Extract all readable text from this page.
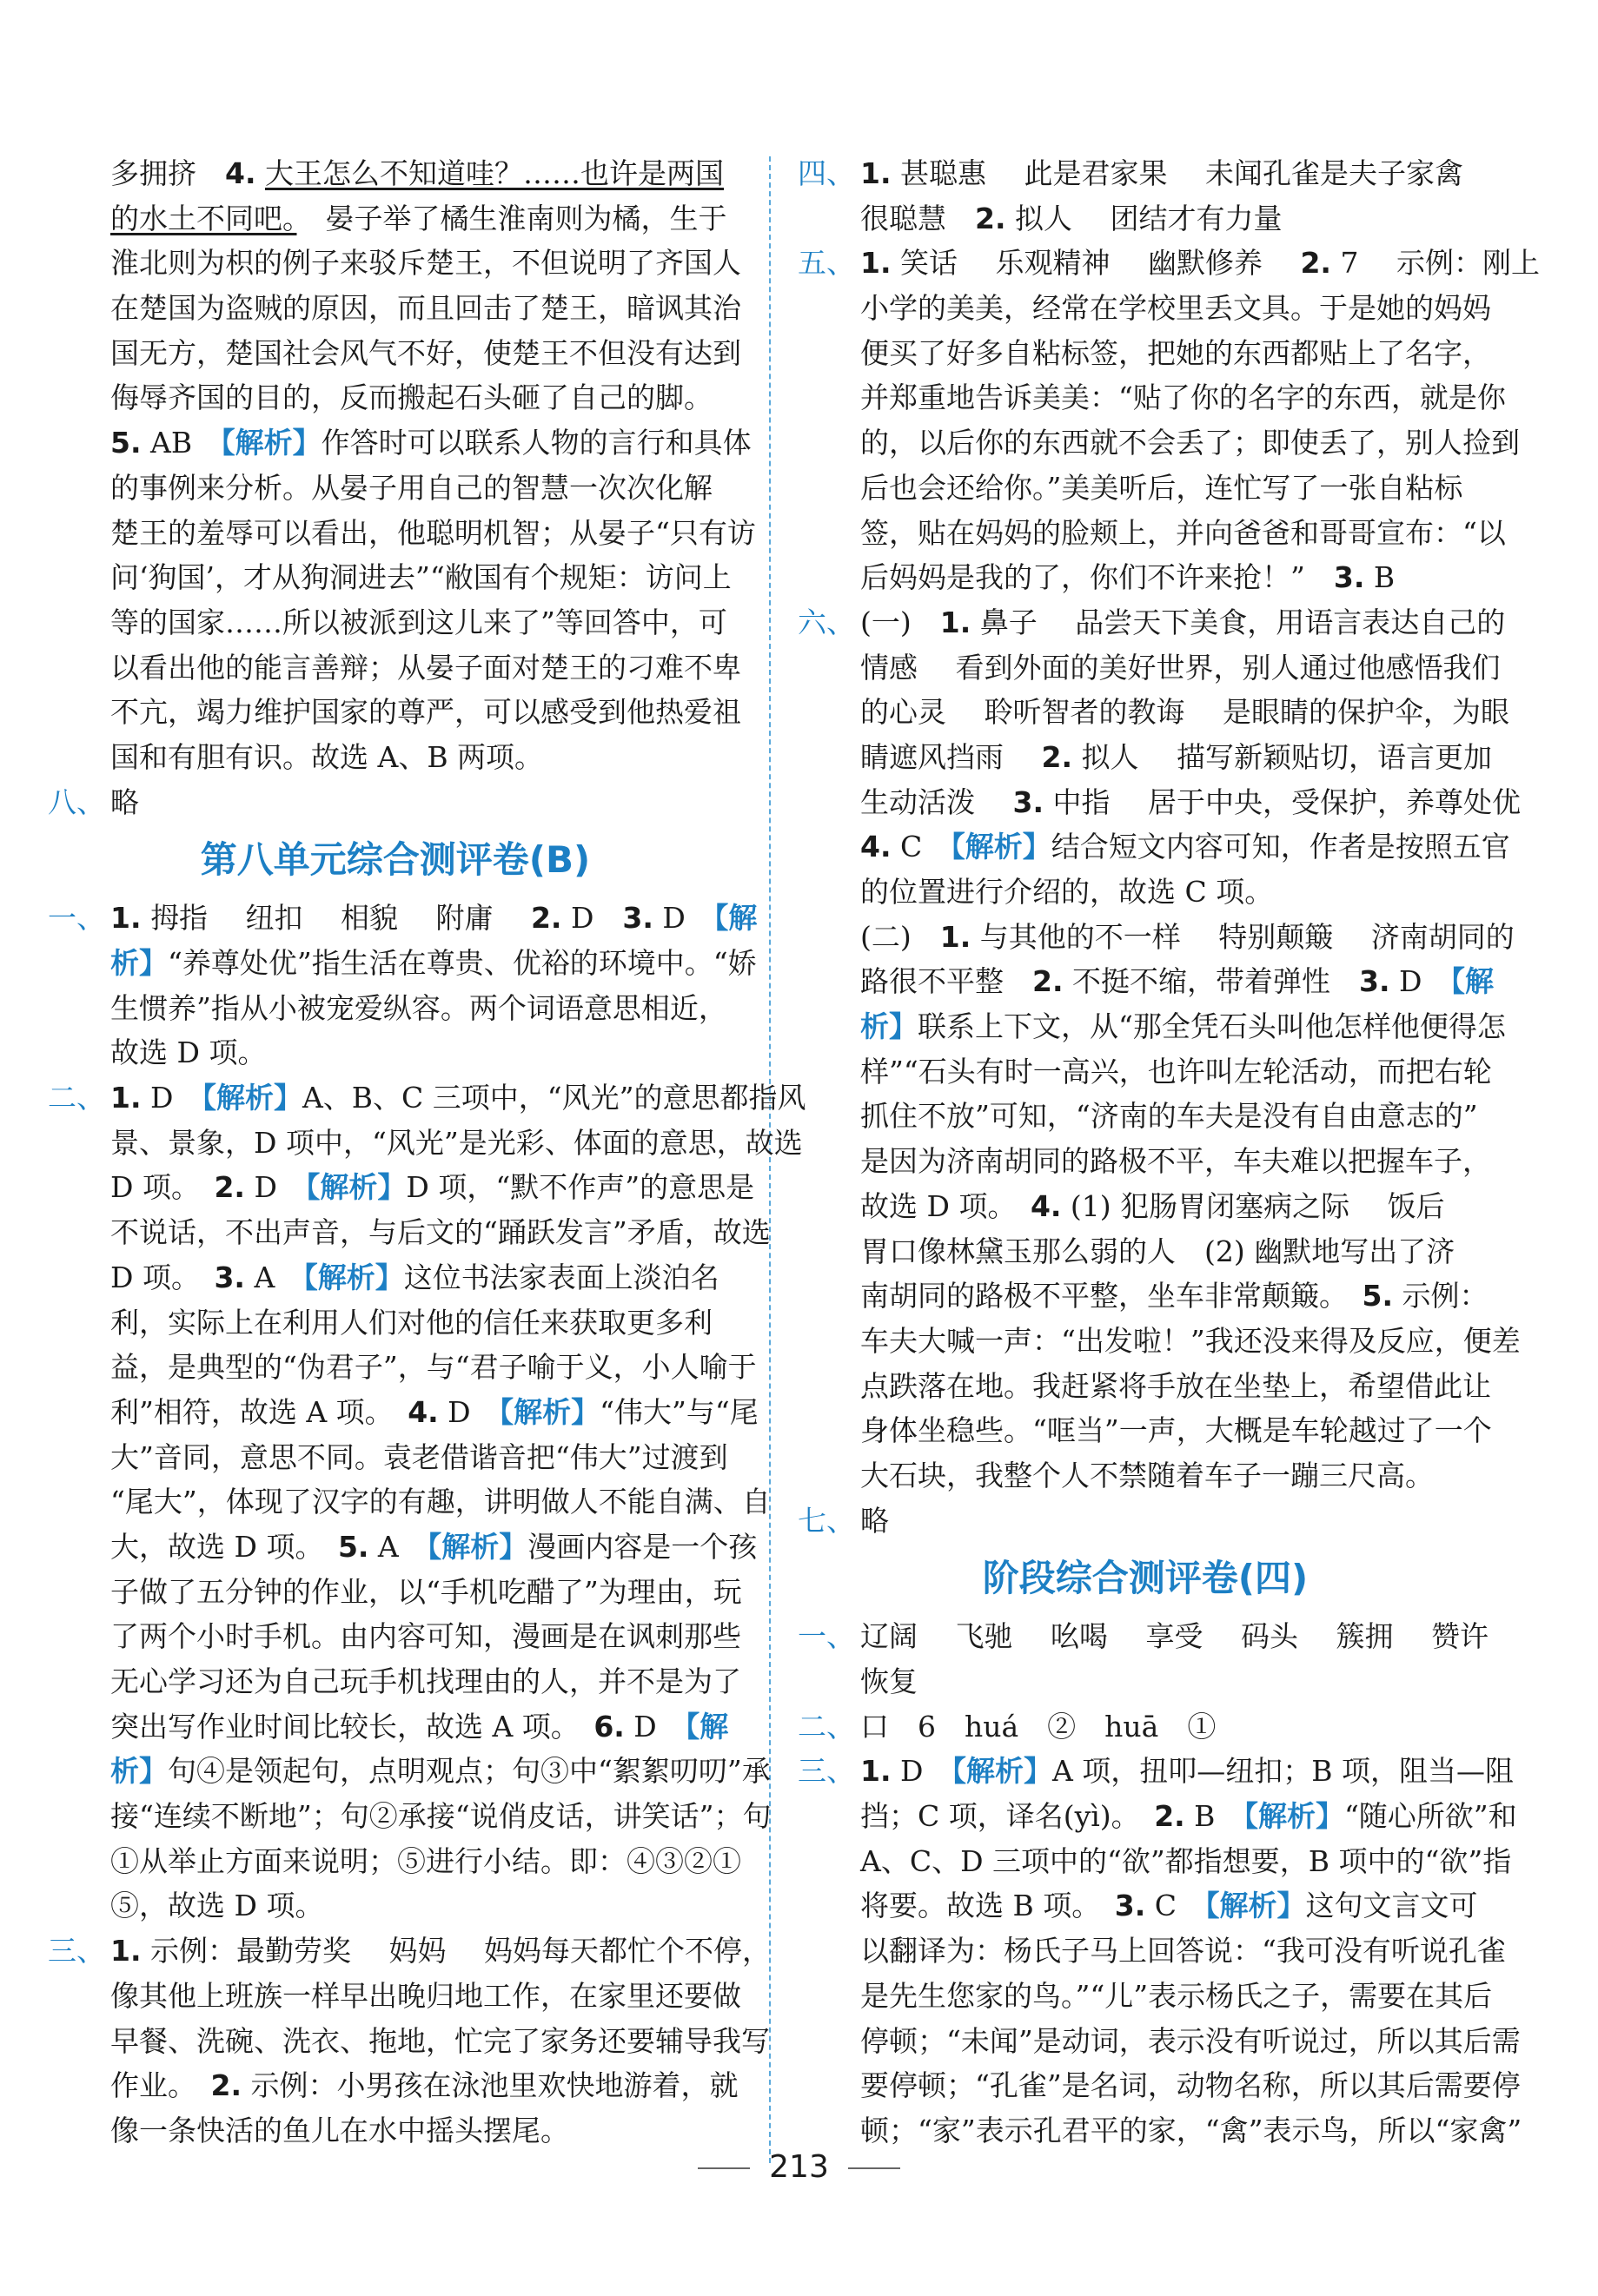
多拥挤　4. 大王怎么不知道哇？……也许是两国
的水土不同吧。　晏子举了橘生淮南则为橘，生于
淮北则为枳的例子来驳斥楚王，不但说明了齐国人
在楚国为盗贼的原因，而且回击了楚王，暗讽其治
国无方，楚国社会风气不好，使楚王不但没有达到
侮辱齐国的目的，反而搬起石头砸了自己的脚。
5. AB　【解析】作答时可以联系人物的言行和具体
的事例来分析。从晏子用自己的智慧一次次化解
楚王的羞辱可以看出，他聪明机智；从晏子“只有访
问‘狗国’，才从狗洞进去”“敝国有个规矩：访问上
等的国家……所以被派到这儿来了”等回答中，可
以看出他的能言善辩；从晏子面对楚王的刁难不卑
不亢，竭力维护国家的尊严，可以感受到他热爱祖
国和有胆有识。故选 A、B 两项。
八、 略
第八单元综合测评卷(B)
一、 1. 拇指　 纽扣　 相貌　 附庸　 2. D　3. D　【解
析】“养尊处优”指生活在尊贵、优裕的环境中。“娇
生惯养”指从小被宠爱纵容。两个词语意思相近，
故选 D 项。
二、 1. D　【解析】A、B、C 三项中，“风光”的意思都指风
景、景象，D 项中，“风光”是光彩、体面的意思，故选
D 项。　2. D　【解析】D 项，“默不作声”的意思是
不说话，不出声音，与后文的“踊跃发言”矛盾，故选
D 项。　3. A　【解析】这位书法家表面上淡泊名
利，实际上在利用人们对他的信任来获取更多利
益，是典型的“伪君子”，与“君子喻于义，小人喻于
利”相符，故选 A 项。　4. D　【解析】“伟大”与“尾
大”音同，意思不同。袁老借谐音把“伟大”过渡到
“尾大”，体现了汉字的有趣，讲明做人不能自满、自
大，故选 D 项。　5. A　【解析】漫画内容是一个孩
子做了五分钟的作业，以“手机吃醋了”为理由，玩
了两个小时手机。由内容可知，漫画是在讽刺那些
无心学习还为自己玩手机找理由的人，并不是为了
突出写作业时间比较长，故选 A 项。　6. D　【解
析】句④是领起句，点明观点；句③中“絮絮叨叨”承
接“连续不断地”；句②承接“说俏皮话，讲笑话”；句
①从举止方面来说明；⑤进行小结。即：④③②①
⑤，故选 D 项。
三、 1. 示例：最勤劳奖　 妈妈　 妈妈每天都忙个不停，
像其他上班族一样早出晚归地工作，在家里还要做
早餐、洗碗、洗衣、拖地，忙完了家务还要辅导我写
作业。　2. 示例：小男孩在泳池里欢快地游着，就
像一条快活的鱼儿在水中摇头摆尾。
四、 1. 甚聪惠　 此是君家果　 未闻孔雀是夫子家禽
很聪慧　2. 拟人　 团结才有力量
五、 1. 笑话　 乐观精神　 幽默修养　 2. 7　 示例：刚上
小学的美美，经常在学校里丢文具。于是她的妈妈
便买了好多自粘标签，把她的东西都贴上了名字，
并郑重地告诉美美：“贴了你的名字的东西，就是你
的，以后你的东西就不会丢了；即使丢了，别人捡到
后也会还给你。”美美听后，连忙写了一张自粘标
签，贴在妈妈的脸颊上，并向爸爸和哥哥宣布：“以
后妈妈是我的了，你们不许来抢！”　3. B
六、 (一)　1. 鼻子　 品尝天下美食，用语言表达自己的
情感　 看到外面的美好世界，别人通过他感悟我们
的心灵　 聆听智者的教诲　 是眼睛的保护伞，为眼
睛遮风挡雨　 2. 拟人　 描写新颖贴切，语言更加
生动活泼　 3. 中指　 居于中央，受保护，养尊处优
4. C　【解析】结合短文内容可知，作者是按照五官
的位置进行介绍的，故选 C 项。
(二)　1. 与其他的不一样　 特别颠簸　 济南胡同的
路很不平整　2. 不挺不缩，带着弹性　3. D　【解
析】联系上下文，从“那全凭石头叫他怎样他便得怎
样”“石头有时一高兴，也许叫左轮活动，而把右轮
抓住不放”可知，“济南的车夫是没有自由意志的”
是因为济南胡同的路极不平，车夫难以把握车子，
故选 D 项。　4. (1) 犯肠胃闭塞病之际　 饭后
胃口像林黛玉那么弱的人　(2) 幽默地写出了济
南胡同的路极不平整，坐车非常颠簸。　5. 示例：
车夫大喊一声：“出发啦！”我还没来得及反应，便差
点跌落在地。我赶紧将手放在坐垫上，希望借此让
身体坐稳些。“哐当”一声，大概是车轮越过了一个
大石块，我整个人不禁随着车子一蹦三尺高。
七、 略
阶段综合测评卷(四)
一、 辽阔　 飞驰　 吆喝　 享受　 码头　 簇拥　 赞许
恢复
二、 口　6　huá　②　huā　①
三、 1. D　【解析】A 项，扭叩—纽扣；B 项，阻当—阻
挡；C 项，译名(yì)。　2. B　【解析】“随心所欲”和
A、C、D 三项中的“欲”都指想要，B 项中的“欲”指
将要。故选 B 项。　3. C　【解析】这句文言文可
以翻译为：杨氏子马上回答说：“我可没有听说孔雀
是先生您家的鸟。”“儿”表示杨氏之子，需要在其后
停顿；“未闻”是动词，表示没有听说过，所以其后需
要停顿；“孔雀”是名词，动物名称，所以其后需要停
顿；“家”表示孔君平的家，“禽”表示鸟，所以“家禽”
213
